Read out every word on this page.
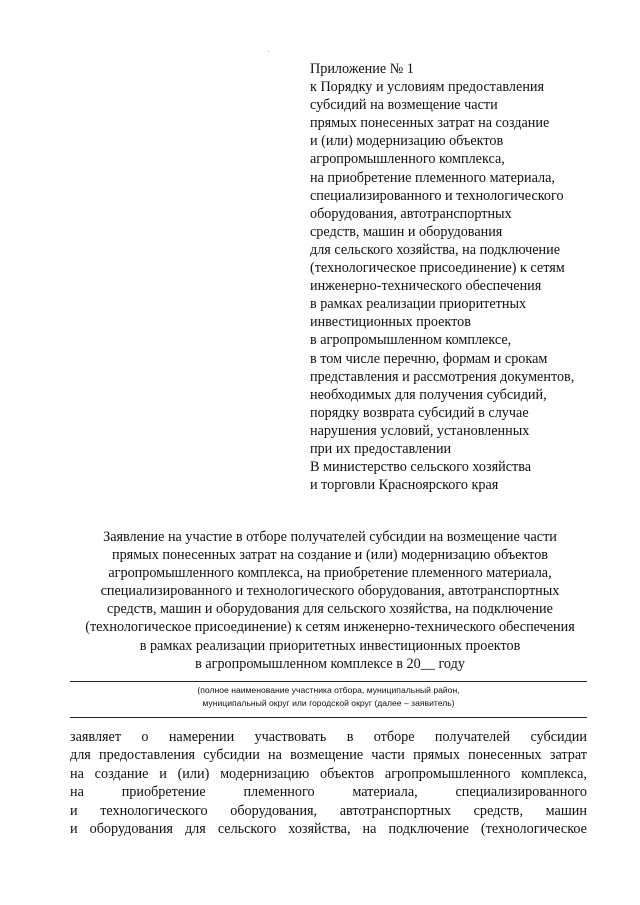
Приложение № 1
к Порядку и условиям предоставления
субсидий на возмещение части
прямых понесенных затрат на создание
и (или) модернизацию объектов
агропромышленного комплекса,
на приобретение племенного материала,
специализированного и технологического
оборудования, автотранспортных
средств, машин и оборудования
для сельского хозяйства, на подключение
(технологическое присоединение) к сетям
инженерно-технического обеспечения
в рамках реализации приоритетных
инвестиционных проектов
в агропромышленном комплексе,
в том числе перечню, формам и срокам
представления и рассмотрения документов,
необходимых для получения субсидий,
порядку возврата субсидий в случае
нарушения условий, установленных
при их предоставлении
В министерство сельского хозяйства
и торговли Красноярского края
Заявление на участие в отборе получателей субсидии на возмещение части
прямых понесенных затрат на создание и (или) модернизацию объектов
агропромышленного комплекса, на приобретение племенного материала,
специализированного и технологического оборудования, автотранспортных
средств, машин и оборудования для сельского хозяйства, на подключение
(технологическое присоединение) к сетям инженерно-технического обеспечения
в рамках реализации приоритетных инвестиционных проектов
в агропромышленном комплексе в 20__ году
(полное наименование участника отбора, муниципальный район,
муниципальный округ или городской округ (далее – заявитель)
заявляет о намерении участвовать в отборе получателей субсидии
для предоставления субсидии на возмещение части прямых понесенных затрат
на создание и (или) модернизацию объектов агропромышленного комплекса,
на	приобретение	племенного	материала,	специализированного
и технологического оборудования, автотранспортных средств, машин
и оборудования для сельского хозяйства, на подключение (технологическое
